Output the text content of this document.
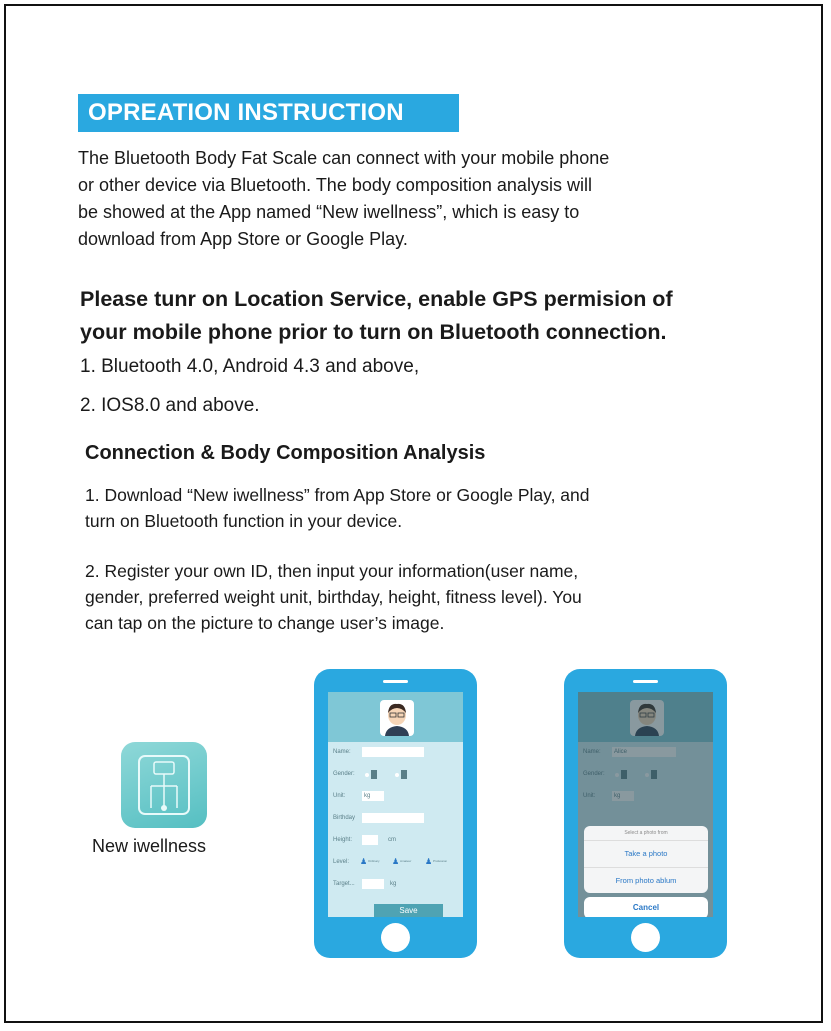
OPREATION INSTRUCTION
The Bluetooth Body Fat Scale can connect with your mobile phone
or other device via Bluetooth. The body composition analysis will
be showed at the App named “New iwellness”, which is easy to
download from App Store or Google Play.
Please tunr on Location Service, enable GPS permision of
your mobile phone prior to turn on Bluetooth connection.
1. Bluetooth 4.0, Android 4.3 and above,
2. IOS8.0 and above.
Connection & Body Composition Analysis
1. Download “New iwellness” from App Store or Google Play, and
turn on Bluetooth function in your device.
2. Register your own ID, then input your information(user name,
gender, preferred weight unit, birthday, height, fitness level). You
can tap on the picture to change user’s image.
New iwellness
Name:
Gender:
Unit:	kg
Birthday
Height:	cm
Level: ♟ Ordinary ♟ Amateur ♟ Profession
Target...	kg
Save
Select a photo from
Take a photo
From photo ablum
Cancel
